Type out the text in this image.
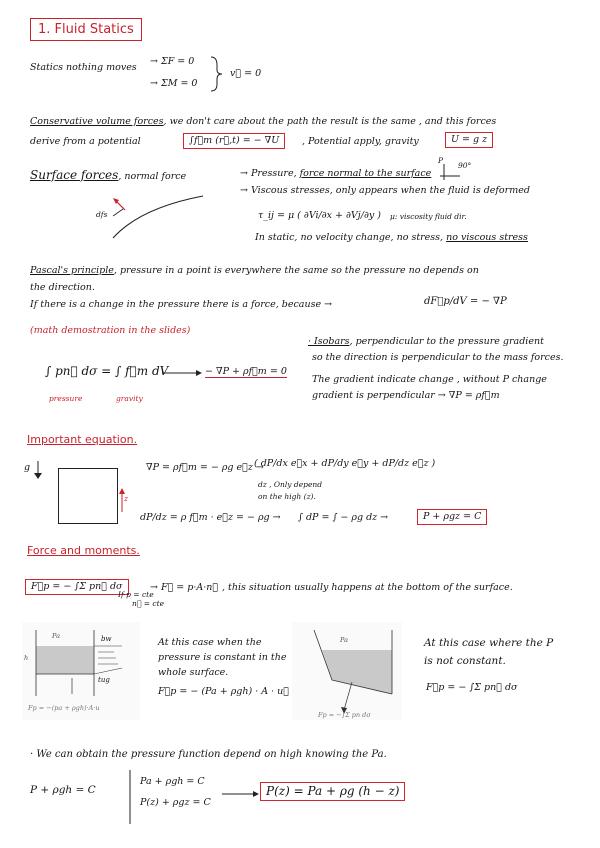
1. Fluid Statics
Statics nothing moves
→ ΣF = 0
→ ΣM = 0
v⃗ = 0
Conservative volume forces, we don't care about the path the result is the same , and this forces
derive from a potential	∫f⃗m (r⃗,t) = − ∇U	, Potential apply, gravity	U = g z
Surface forces, normal force
dfs
→ Pressure, force normal to the surface
P
90°
→ Viscous stresses, only appears when the fluid is deformed
τ_ij = μ ( ∂Vi/∂x + ∂Vj/∂y ) μ: viscosity fluid dir.
In static, no velocity change, no stress, no viscous stress
Pascal's principle, pressure in a point is everywhere the same so the pressure no depends on
the direction.
If there is a change in the pressure there is a force, because →	dF⃗p/dV = − ∇P
(math demostration in the slides)
∫ pn⃗ dσ = ∫ f⃗m dV	− ∇P + ρf⃗m = 0
pressure	gravity
· Isobars, perpendicular to the pressure gradient
so the direction is perpendicular to the mass forces.
The gradient indicate change , without P change
gradient is perpendicular → ∇P = ρf⃗m
Important equation.
g
z
∇P = ρf⃗m = − ρg e⃗z →
( dP/dx e⃗x + dP/dy e⃗y + dP/dz e⃗z )
dz , Only depend
on the high (z).
dP/dz = ρ f⃗m · e⃗z = − ρg → ∫ dP = ∫ − ρg dz →	P + ρgz = C
Force and moments.
F⃗p = − ∫Σ pn⃗ dσ
If p = cte
n⃗ = cte
→ F⃗ = p·A·n⃗ , this situation usually happens at the bottom of the surface.
Fp = −(pa + ρgh)·A·u
Pa	bw
h
tug
At this case when the
pressure is constant in the
whole surface.
F⃗p = − (Pa + ρgh) · A · u⃗
Fp = −∫Σ pn dσ
Pa	At this case where the P
is not constant.
F⃗p = − ∫Σ pn⃗ dσ
· We can obtain the pressure function depend on high knowing the Pa.
P + ρgh = C
Pa + ρgh = C
P(z) + ρgz = C
P(z) = Pa + ρg (h − z)
